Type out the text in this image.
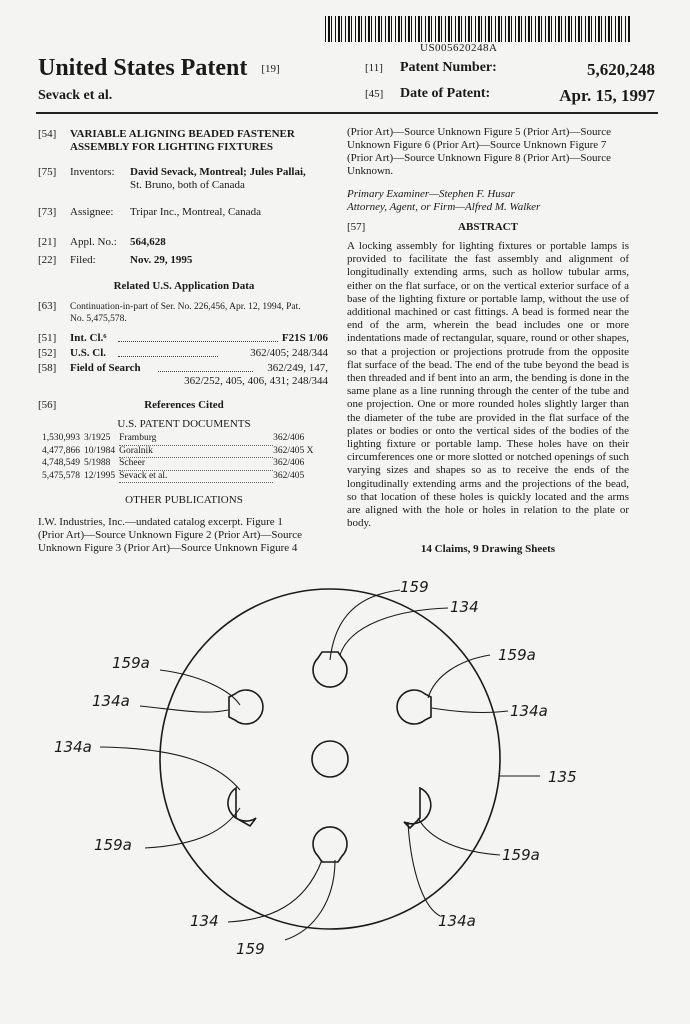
US005620248A
United States Patent [19]
Sevack et al.
[11] Patent Number:	5,620,248
[45] Date of Patent:	Apr. 15, 1997
[54] VARIABLE ALIGNING BEADED FASTENER
ASSEMBLY FOR LIGHTING FIXTURES
[75] Inventors: David Sevack, Montreal; Jules Pallai,
St. Bruno, both of Canada
[73] Assignee: Tripar Inc., Montreal, Canada
[21] Appl. No.: 564,628
[22] Filed:	Nov. 29, 1995
Related U.S. Application Data
[63] Continuation-in-part of Ser. No. 226,456, Apr. 12, 1994, Pat.
No. 5,475,578.
[51] Int. Cl.⁶	F21S 1/06
[52] U.S. Cl.	362/405; 248/344
[58] Field of Search	362/249, 147,

362/252, 405, 406, 431; 248/344
[56]	References Cited
U.S. PATENT DOCUMENTS
1,530,993	3/1925	Framburg	362/406
4,477,866	10/1984	Goralnik	362/405 X
4,748,549	5/1988	Scheer	362/406
5,475,578	12/1995	Sevack et al.	362/405
OTHER PUBLICATIONS
I.W. Industries, Inc.—undated catalog excerpt. Figure 1
(Prior Art)—Source Unknown Figure 2 (Prior Art)—Source
Unknown Figure 3 (Prior Art)—Source Unknown Figure 4
(Prior Art)—Source Unknown Figure 5 (Prior Art)—Source
Unknown Figure 6 (Prior Art)—Source Unknown Figure 7
(Prior Art)—Source Unknown Figure 8 (Prior Art)—Source
Unknown.
Primary Examiner—Stephen F. Husar
Attorney, Agent, or Firm—Alfred M. Walker
[57]	ABSTRACT
A locking assembly for lighting fixtures or portable lamps is provided to facilitate the fast assembly and alignment of longitudinally extending arms, such as hollow tubular arms, either on the flat surface, or on the vertical exterior surface of a base of the lighting fixture or portable lamp, without the use of additional machined or cast fittings. A bead is formed near the end of the arm, wherein the bead includes one or more indentations made of rectangular, square, round or other shapes, so that a projection or projections protrude from the opposite flat surface of the bead. The end of the tube beyond the bead is then threaded and if bent into an arm, the bending is done in the same plane as a line running through the center of the tube and one projection. One or more rounded holes slightly larger than the diameter of the tube are provided in the flat surface of the plates or bodies or onto the vertical sides of the bodies of the lighting fixture or portable lamp. These holes have on their circumferences one or more slotted or notched openings of such varying sizes and shapes so as to receive the ends of the longitudinally extending arms and the projections of the bead, so that location of these holes is quickly located and the arms are aligned with the hole or holes in relation to the plate or body.
14 Claims, 9 Drawing Sheets
159
134
159a	159a
134a
134a
134a
135
159a
159a
134	134a
159
